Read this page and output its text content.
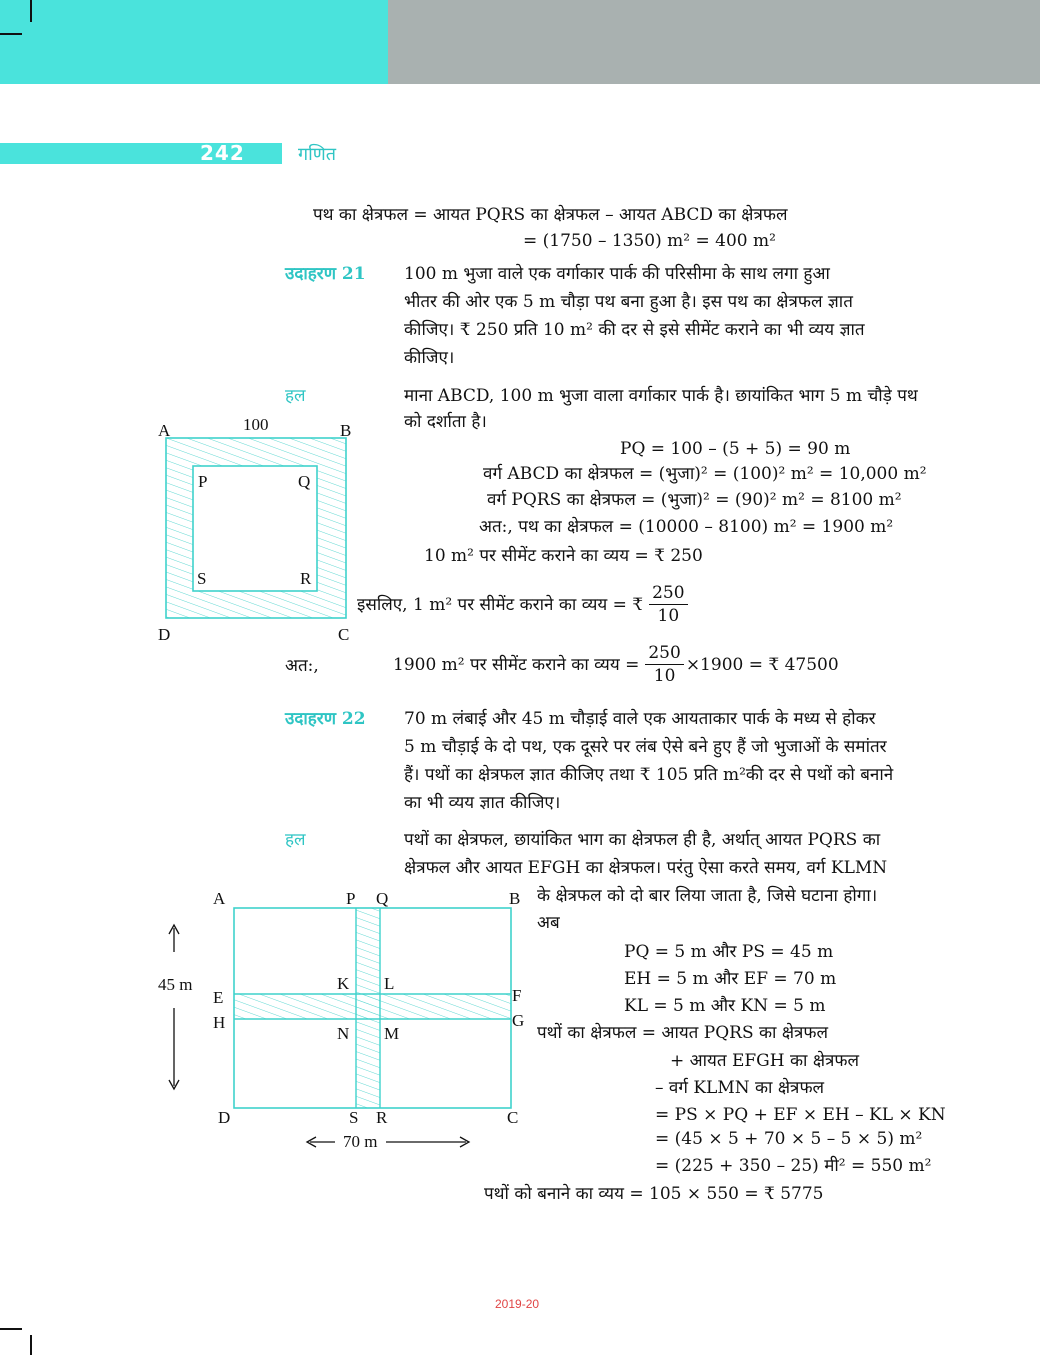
242	गणित
पथ का क्षेत्रफल = आयत PQRS का क्षेत्रफल – आयत ABCD का क्षेत्रफल
= (1750 – 1350) m² = 400 m²
उदाहरण 21 100 m भुजा वाले एक वर्गाकार पार्क की परिसीमा के साथ लगा हुआ
भीतर की ओर एक 5 m चौड़ा पथ बना हुआ है। इस पथ का क्षेत्रफल ज्ञात
कीजिए। ₹ 250 प्रति 10 m² की दर से इसे सीमेंट कराने का भी व्यय ज्ञात
कीजिए।
हल	माना ABCD, 100 m भुजा वाला वर्गाकार पार्क है। छायांकित भाग 5 m चौड़े पथ
को दर्शाता है।
PQ = 100 – (5 + 5) = 90 m
वर्ग ABCD का क्षेत्रफल = (भुजा)² = (100)² m² = 10,000 m²
वर्ग PQRS का क्षेत्रफल = (भुजा)² = (90)² m² = 8100 m²
अत:, पथ का क्षेत्रफल = (10000 – 8100) m² = 1900 m²
10 m² पर सीमेंट कराने का व्यय = ₹ 250
इसलिए, 1 m² पर सीमेंट कराने का व्यय = ₹ $\frac{250}{10}$
अत:,	1900 m² पर सीमेंट कराने का व्यय = $\frac{250}{10} \times 1900$ = ₹ 47500
A	B
C
D
100
P	Q
R
S
उदाहरण 22 70 m लंबाई और 45 m चौड़ाई वाले एक आयताकार पार्क के मध्य से होकर
5 m चौड़ाई के दो पथ, एक दूसरे पर लंब ऐसे बने हुए हैं जो भुजाओं के समांतर
हैं। पथों का क्षेत्रफल ज्ञात कीजिए तथा ₹ 105 प्रति m²की दर से पथों को बनाने
का भी व्यय ज्ञात कीजिए।
हल	पथों का क्षेत्रफल, छायांकित भाग का क्षेत्रफल ही है, अर्थात् आयत PQRS का
क्षेत्रफल और आयत EFGH का क्षेत्रफल। परंतु ऐसा करते समय, वर्ग KLMN
के क्षेत्रफल को दो बार लिया जाता है, जिसे घटाना होगा।
अब
PQ = 5 m और PS = 45 m
EH = 5 m और EF = 70 m
KL = 5 m और KN = 5 m
पथों का क्षेत्रफल = आयत PQRS का क्षेत्रफल
+ आयत EFGH का क्षेत्रफल
– वर्ग KLMN का क्षेत्रफल
= PS × PQ + EF × EH – KL × KN
= (45 × 5 + 70 × 5 – 5 × 5) m²
= (225 + 350 – 25) मी² = 550 m²
पथों को बनाने का व्यय = 105 × 550 = ₹ 5775
A	B
C
D
P Q
R
S
E	F
G
H
K L
M
N
45 m
70 m
2019-20
